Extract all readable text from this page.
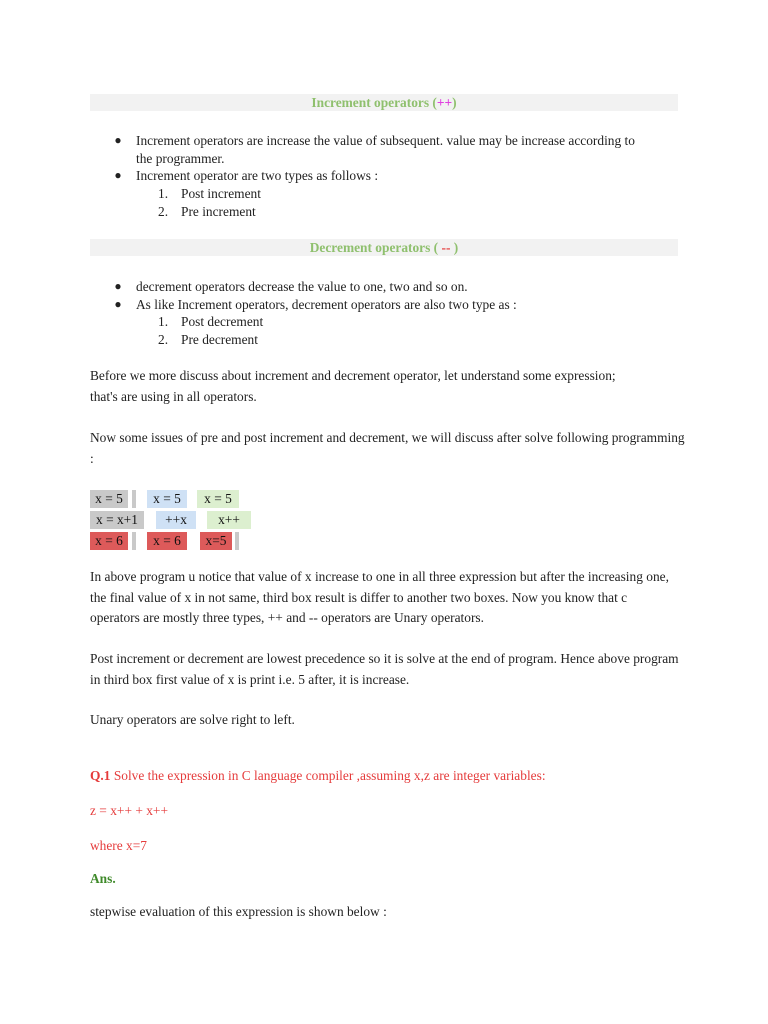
Increment operators (++)
● Increment operators are increase the value of subsequent. value may be increase according to the programmer.
● Increment operator are two types as follows :
1. Post increment
2. Pre increment
Decrement operators ( -- )
● decrement operators decrease the value to one, two and so on.
● As like Increment operators, decrement operators are also two type as :
1. Post decrement
2. Pre decrement
Before we more discuss about increment and decrement operator, let understand some expression; that's are using in all operators.
Now some issues of pre and post increment and decrement, we will discuss after solve following programming :
x = 5	x = 5	x = 5
x = x+1	++x	x++
x = 6	x = 6	x=5
In above program u notice that value of x increase to one in all three expression but after the increasing one, the final value of x in not same, third box result is differ to another two boxes. Now you know that c operators are mostly three types, ++ and -- operators are Unary operators.
Post increment or decrement are lowest precedence so it is solve at the end of program. Hence above program in third box first value of x is print i.e. 5 after, it is increase.
Unary operators are solve right to left.
Q.1 Solve the expression in C language compiler ,assuming x,z are integer variables:
z = x++ + x++
where x=7
Ans.
stepwise evaluation of this expression is shown below :
